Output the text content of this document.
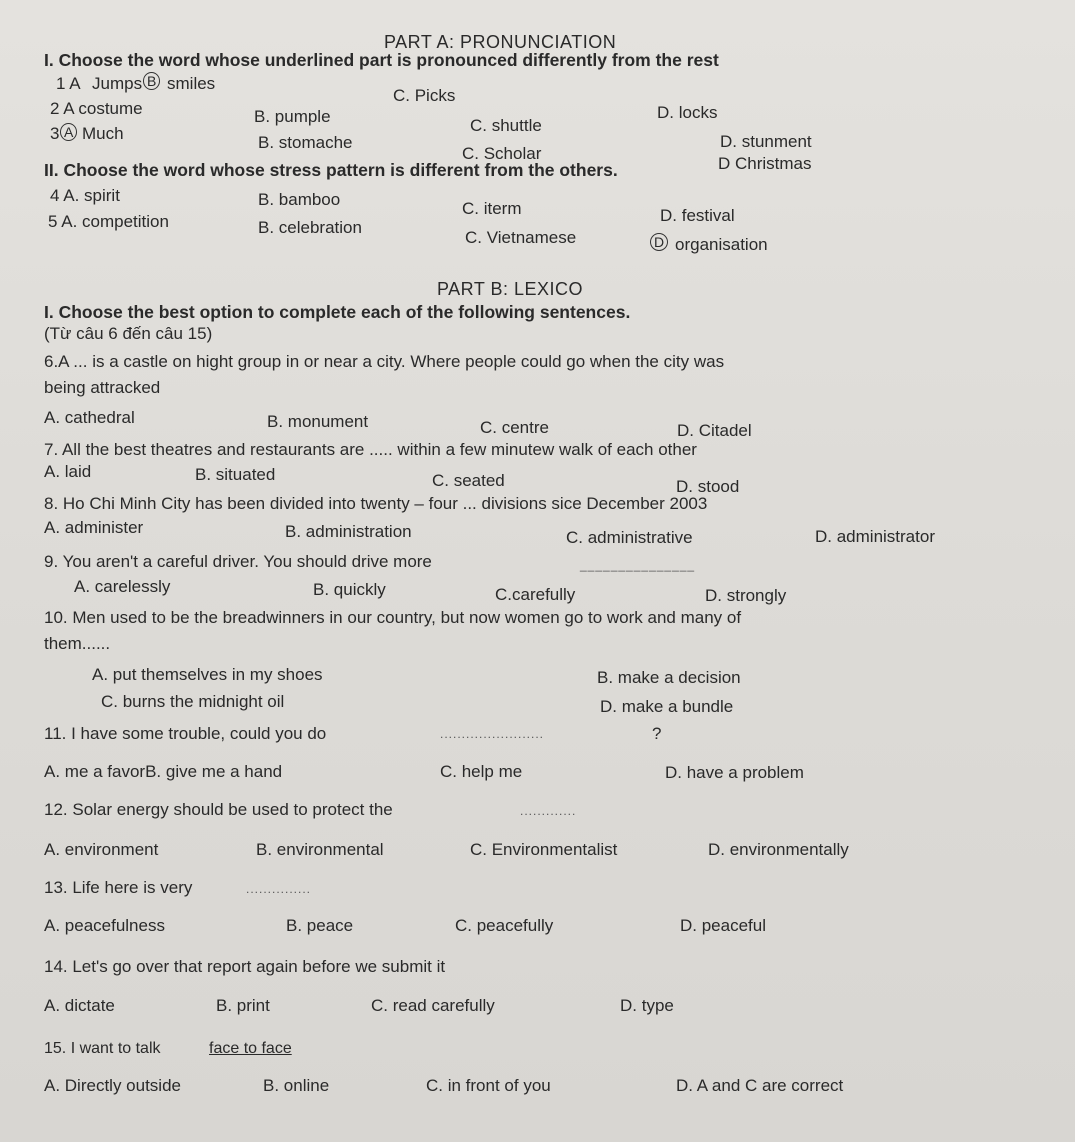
PART A: PRONUNCIATION
I. Choose the word whose underlined part is pronounced differently from the rest
1 A Jumps B smiles
C. Picks
D. locks
2 A costume	B. pumple	C. shuttle
D. stunment
3 A Much	B. stomache
C. Scholar
D Christmas
II. Choose the word whose stress pattern is different from the others.
4 A. spirit	B. bamboo	C. iterm	D. festival
5 A. competition	B. celebration
C. Vietnamese	D organisation
PART B: LEXICO
I. Choose the best option to complete each of the following sentences.
(Từ câu 6 đến câu 15)
6.A ... is a castle on hight group in or near a city. Where people could go when the city was
being attracked
A. cathedral	B. monument	C. centre	D. Citadel
7. All the best theatres and restaurants are ..... within a few minutew walk of each other
A. laid	B. situated	C. seated	D. stood
8. Ho Chi Minh City has been divided into twenty – four ... divisions sice December 2003
A. administer	B. administration	C. administrative	D. administrator
9. You aren't a careful driver. You should drive more	_______________
A. carelessly	B. quickly	C.carefully	D. strongly
10. Men used to be the breadwinners in our country, but now women go to work and many of
them......
A. put themselves in my shoes	B. make a decision
C. burns the midnight oil	D. make a bundle
11. I have some trouble, could you do	........................	?
A. me a favorB. give me a hand	C. help me	D. have a problem
12. Solar energy should be used to protect the	.............
A. environment	B. environmental	C. Environmentalist	D. environmentally
13. Life here is very	...............
A. peacefulness	B. peace	C. peacefully	D. peaceful
14. Let's go over that report again before we submit it
A. dictate	B. print	C. read carefully	D. type
15. I want to talk	face to face
A. Directly outside	B. online	C. in front of you	D. A and C are correct
